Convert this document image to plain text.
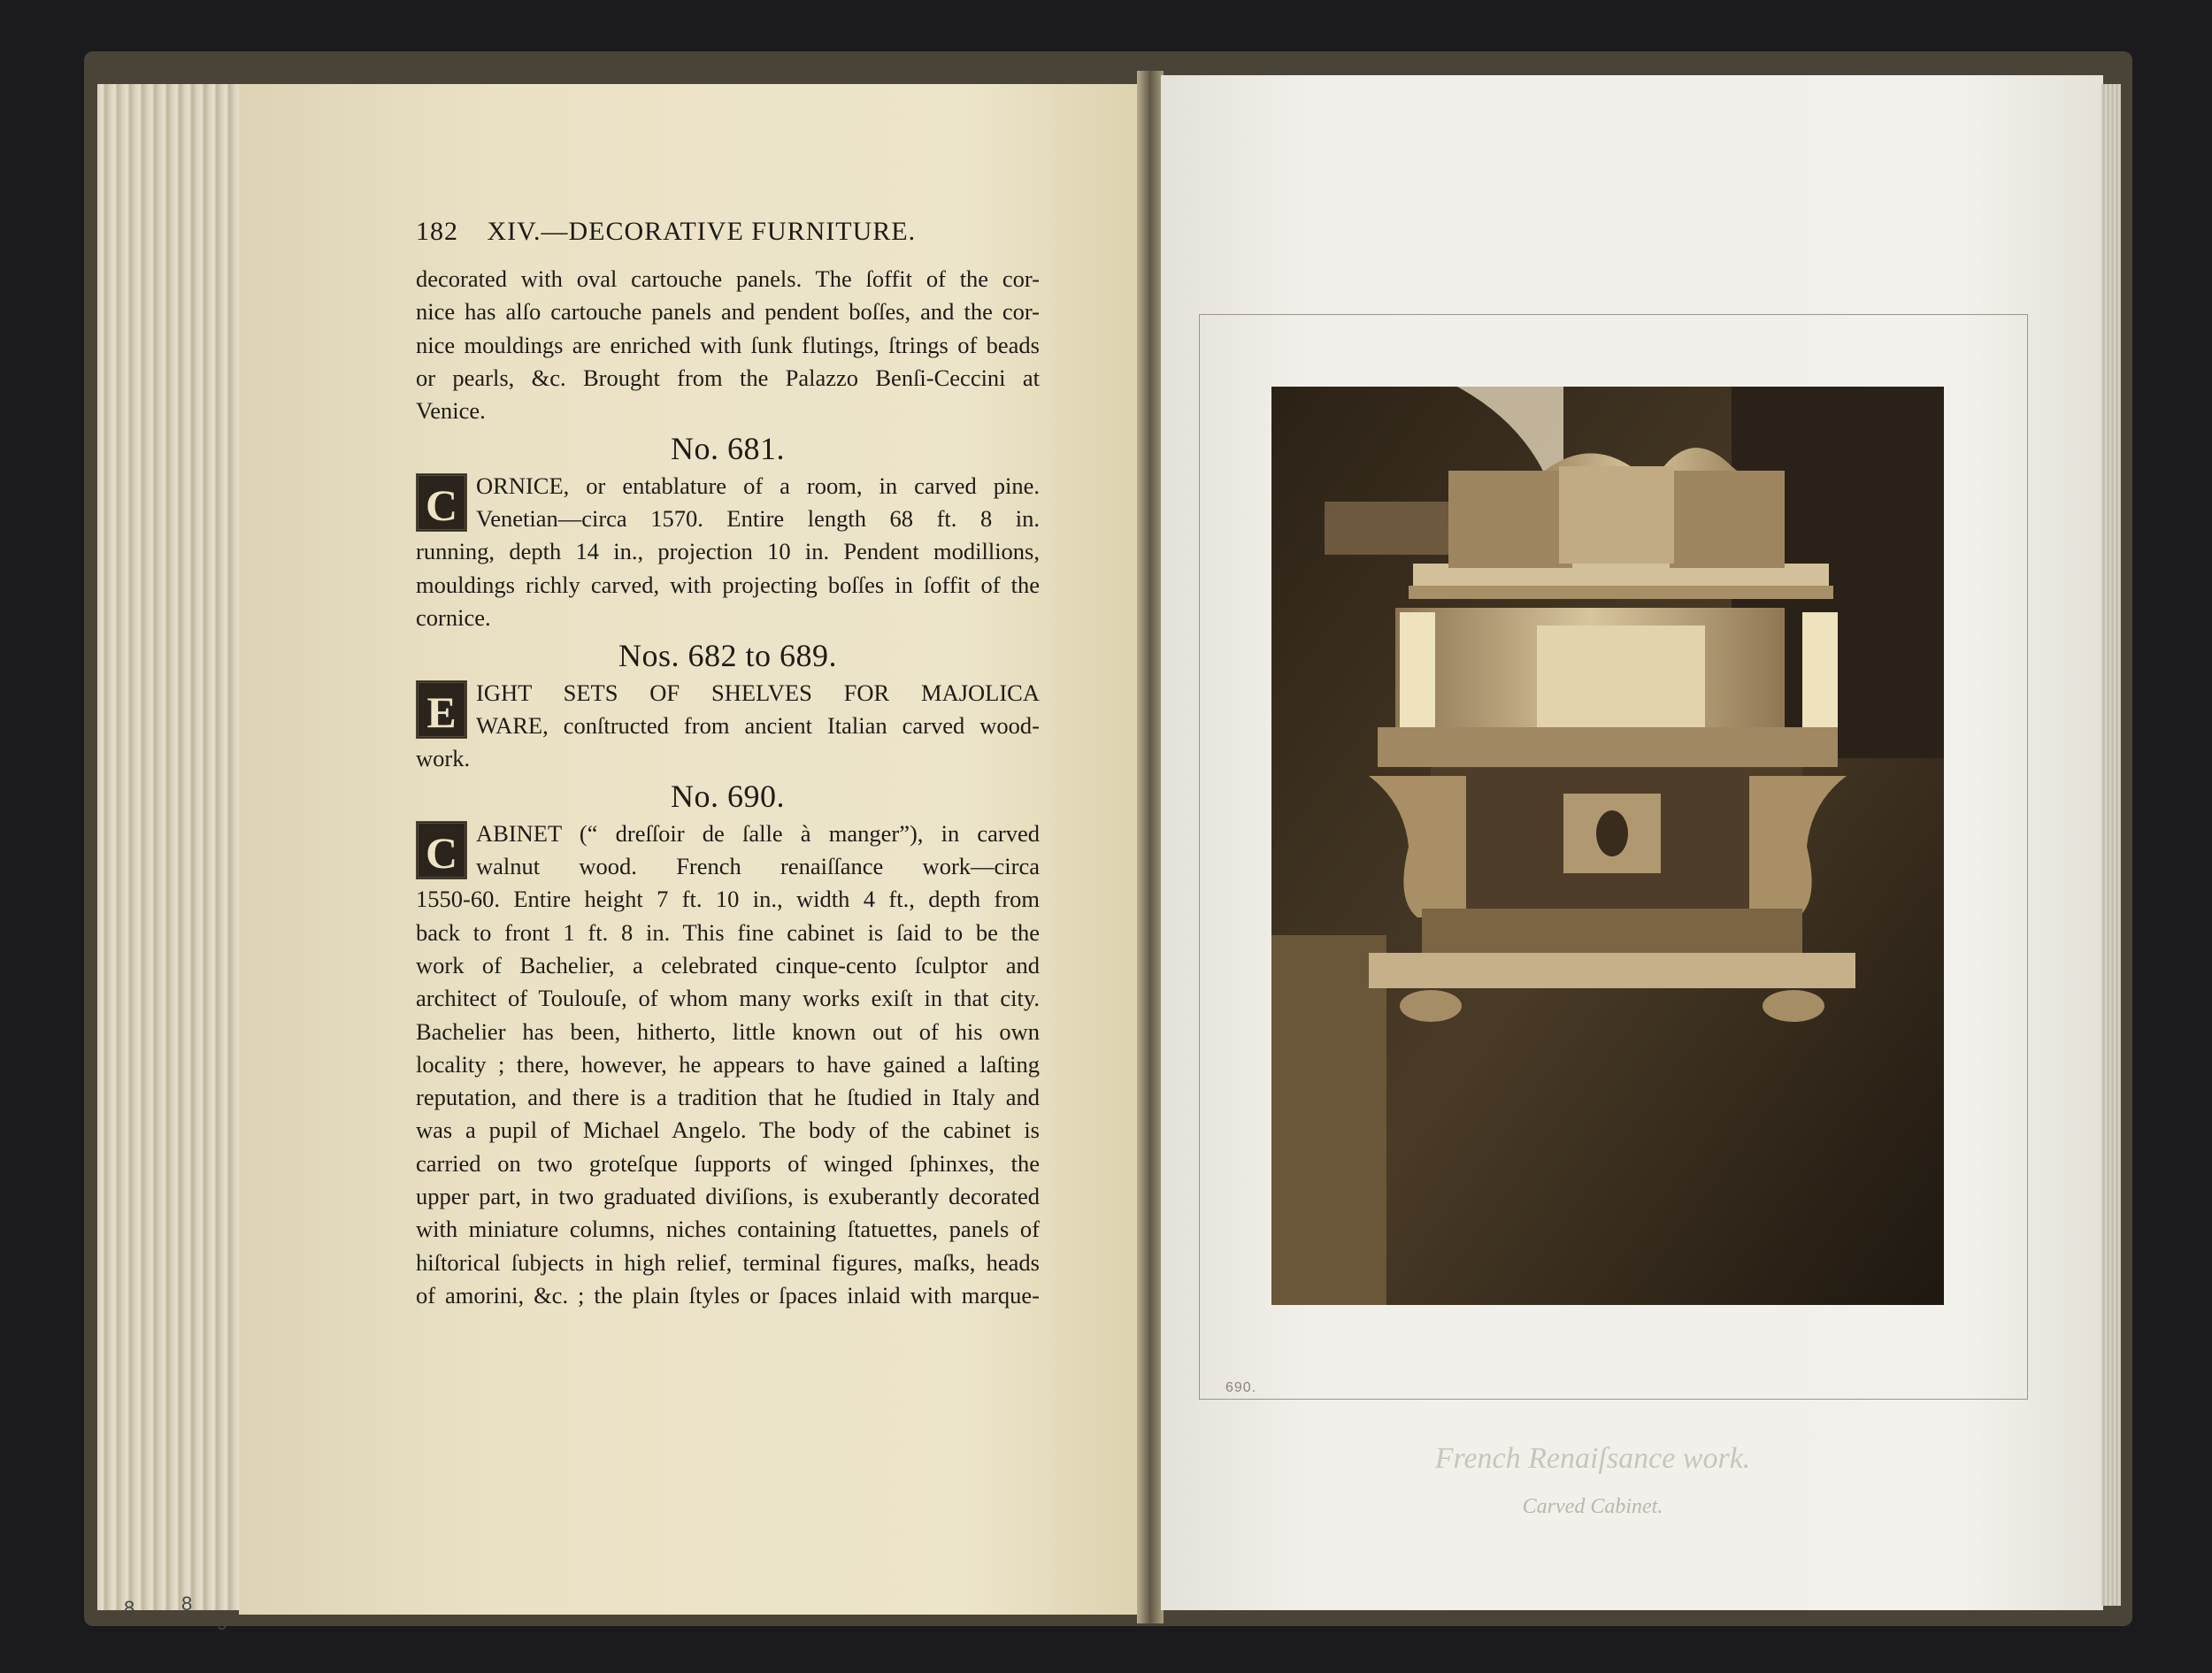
8 8
9
182 XIV.—DECORATIVE FURNITURE.
decorated with oval cartouche panels. The ſoffit of the cor-
nice has alſo cartouche panels and pendent boſſes, and the cor-
nice mouldings are enriched with ſunk flutings, ſtrings of beads
or pearls, &c. Brought from the Palazzo Benſi-Ceccini at
Venice.
No. 681.
C ORNICE, or entablature of a room, in carved pine.
Venetian—circa 1570. Entire length 68 ft. 8 in.
running, depth 14 in., projection 10 in. Pendent modillions,
mouldings richly carved, with projecting boſſes in ſoffit of the
cornice.
Nos. 682 to 689.
E IGHT SETS OF SHELVES FOR MAJOLICA
WARE, conſtructed from ancient Italian carved wood-
work.
No. 690.
C ABINET (“ dreſſoir de ſalle à manger”), in carved
walnut wood. French renaiſſance work—circa
1550-60. Entire height 7 ft. 10 in., width 4 ft., depth from
back to front 1 ft. 8 in. This fine cabinet is ſaid to be the
work of Bachelier, a celebrated cinque-cento ſculptor and
architect of Toulouſe, of whom many works exiſt in that city.
Bachelier has been, hitherto, little known out of his own
locality ; there, however, he appears to have gained a laſting
reputation, and there is a tradition that he ſtudied in Italy and
was a pupil of Michael Angelo. The body of the cabinet is
carried on two groteſque ſupports of winged ſphinxes, the
upper part, in two graduated diviſions, is exuberantly decorated
with miniature columns, niches containing ſtatuettes, panels of
hiſtorical ſubjects in high relief, terminal figures, maſks, heads
of amorini, &c. ; the plain ſtyles or ſpaces inlaid with marque-
690.
French Renaiſsance work.
Carved Cabinet.
